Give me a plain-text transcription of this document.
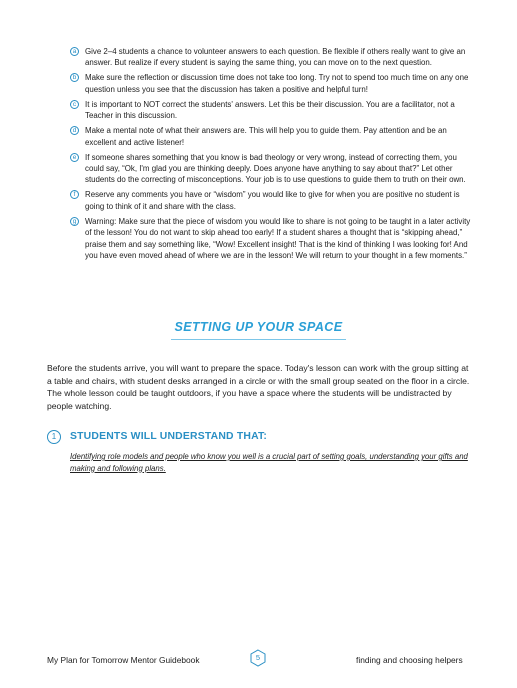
a	Give 2–4 students a chance to volunteer answers to each question. Be flexible if others really want to give an answer. But realize if every student is saying the same thing, you can move on to the next question.
b	Make sure the reflection or discussion time does not take too long. Try not to spend too much time on any one question unless you see that the discussion has taken a positive and helpful turn!
c	It is important to NOT correct the students' answers. Let this be their discussion. You are a facilitator, not a Teacher in this discussion.
d	Make a mental note of what their answers are. This will help you to guide them. Pay attention and be an excellent and active listener!
e	If someone shares something that you know is bad theology or very wrong, instead of correcting them, you could say, “Ok, I'm glad you are thinking deeply. Does anyone have anything to say about that?” Let other students do the correcting of misconceptions. Your job is to use questions to guide them to truth on their own.
f	Reserve any comments you have or “wisdom” you would like to give for when you are positive no student is going to think of it and share with the class.
g	Warning: Make sure that the piece of wisdom you would like to share is not going to be taught in a later activity of the lesson! You do not want to skip ahead too early! If a student shares a thought that is “skipping ahead,” praise them and say something like, “Wow! Excellent insight! That is the kind of thinking I was looking for! And you have even moved ahead of where we are in the lesson! We will return to your thought in a few moments.”
SETTING UP YOUR SPACE
Before the students arrive, you will want to prepare the space. Today's lesson can work with the group sitting at a table and chairs, with student desks arranged in a circle or with the small group seated on the floor in a circle. The whole lesson could be taught outdoors, if you have a space where the students will be undistracted by people watching.
1	STUDENTS WILL UNDERSTAND THAT:
Identifying role models and people who know you well is a crucial part of setting goals, understanding your gifts and making and following plans.
My Plan for Tomorrow Mentor Guidebook	5	finding and choosing helpers
